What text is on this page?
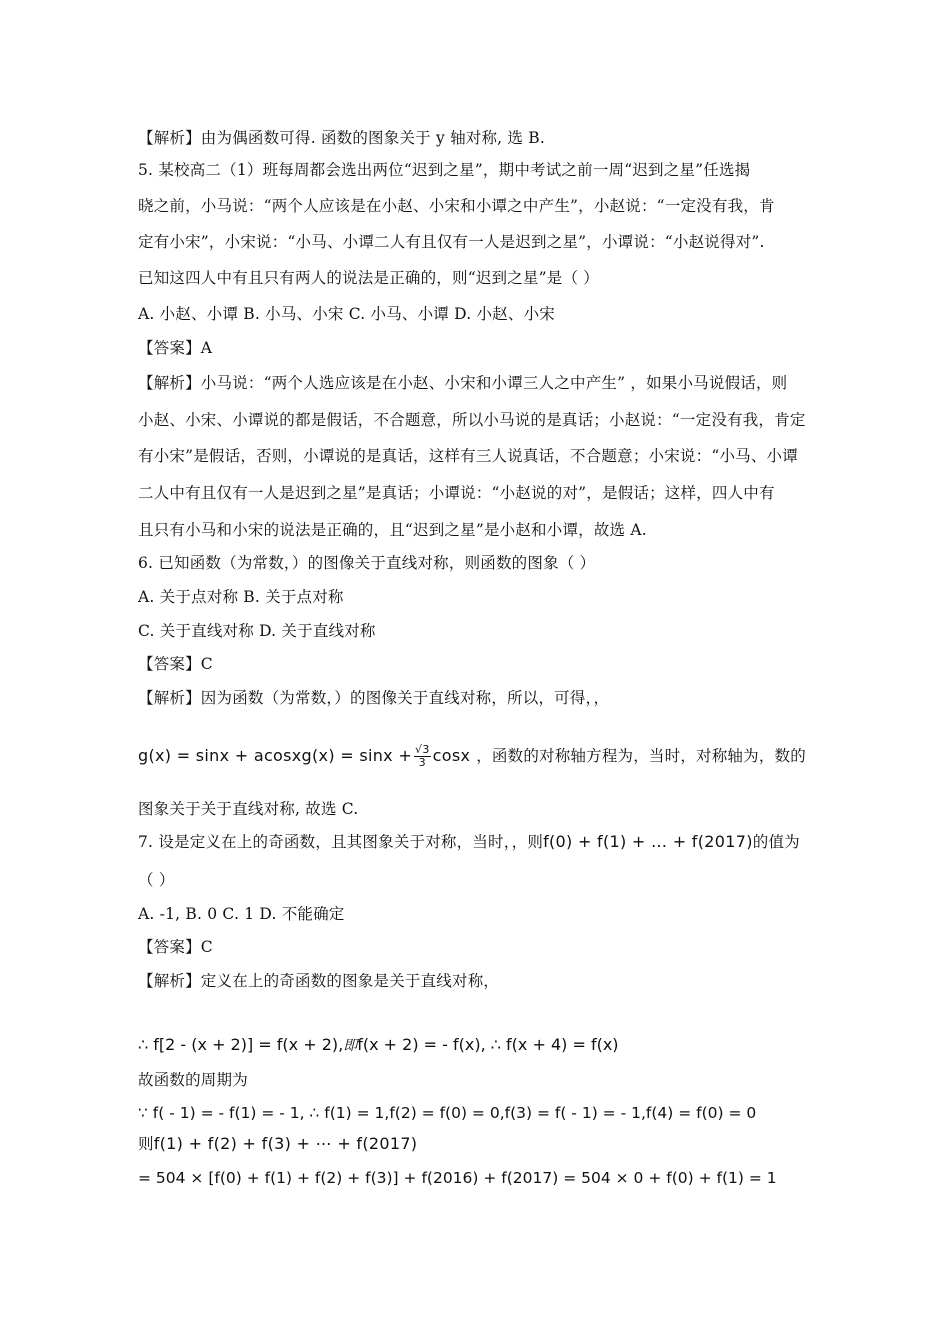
【解析】由为偶函数可得. 函数的图象关于 y 轴对称, 选 B.
5. 某校高二（1）班每周都会选出两位“迟到之星”，期中考试之前一周“迟到之星”任选揭
晓之前，小马说：“两个人应该是在小赵、小宋和小谭之中产生”，小赵说：“一定没有我，肯
定有小宋”，小宋说：“小马、小谭二人有且仅有一人是迟到之星”，小谭说：“小赵说得对”.
已知这四人中有且只有两人的说法是正确的，则“迟到之星”是（ ）
A. 小赵、小谭 B. 小马、小宋 C. 小马、小谭 D. 小赵、小宋
【答案】A
【解析】小马说：“两个人选应该是在小赵、小宋和小谭三人之中产生” ，如果小马说假话，则
小赵、小宋、小谭说的都是假话，不合题意，所以小马说的是真话；小赵说：“一定没有我，肯定
有小宋”是假话，否则，小谭说的是真话，这样有三人说真话，不合题意；小宋说：“小马、小谭
二人中有且仅有一人是迟到之星”是真话；小谭说：“小赵说的对”，是假话；这样，四人中有
且只有小马和小宋的说法是正确的，且“迟到之星”是小赵和小谭，故选 A.
6. 已知函数（为常数，）的图像关于直线对称，则函数的图象（ ）
A. 关于点对称 B. 关于点对称
C. 关于直线对称 D. 关于直线对称
【答案】C
【解析】因为函数（为常数，）的图像关于直线对称，所以，可得，，
g(x) = sinx + acosxg(x) = $\sin x + \frac{√3}{3}$ cosx ，函数的对称轴方程为，当时，对称轴为，数的
图象关于关于直线对称, 故选 C.
7. 设是定义在上的奇函数，且其图象关于对称，当时，，则f(0) + f(1) + … + f(2017)的值为
（ ）
A. -1, B. 0 C. 1 D. 不能确定
【答案】C
【解析】定义在上的奇函数的图象是关于直线对称，
∴ f[2 - (x + 2)] = f(x + 2),即f(x + 2) = - f(x), ∴ f(x + 4) = f(x)
故函数的周期为
∵ f( - 1) = - f(1) = - 1, ∴ f(1) = 1,f(2) = f(0) = 0,f(3) = f( - 1) = - 1,f(4) = f(0) = 0
则f(1) + f(2) + f(3) + ⋯ + f(2017)
= 504 × [f(0) + f(1) + f(2) + f(3)] + f(2016) + f(2017) = 504 × 0 + f(0) + f(1) = 1
